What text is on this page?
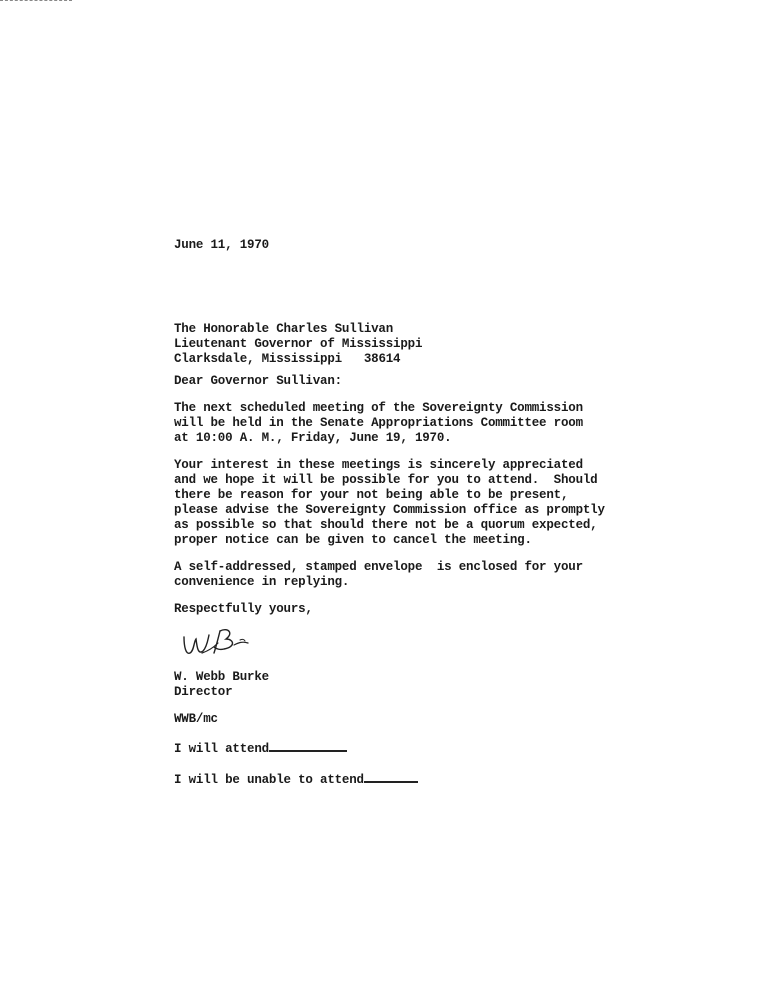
June 11, 1970
The Honorable Charles Sullivan
Lieutenant Governor of Mississippi
Clarksdale, Mississippi 38614
Dear Governor Sullivan:
The next scheduled meeting of the Sovereignty Commission
will be held in the Senate Appropriations Committee room
at 10:00 A. M., Friday, June 19, 1970.
Your interest in these meetings is sincerely appreciated
and we hope it will be possible for you to attend.  Should
there be reason for your not being able to be present,
please advise the Sovereignty Commission office as promptly
as possible so that should there not be a quorum expected,
proper notice can be given to cancel the meeting.
A self-addressed, stamped envelope  is enclosed for your
convenience in replying.
Respectfully yours,
W. Webb Burke
Director
WWB/mc
I will attend
I will be unable to attend
